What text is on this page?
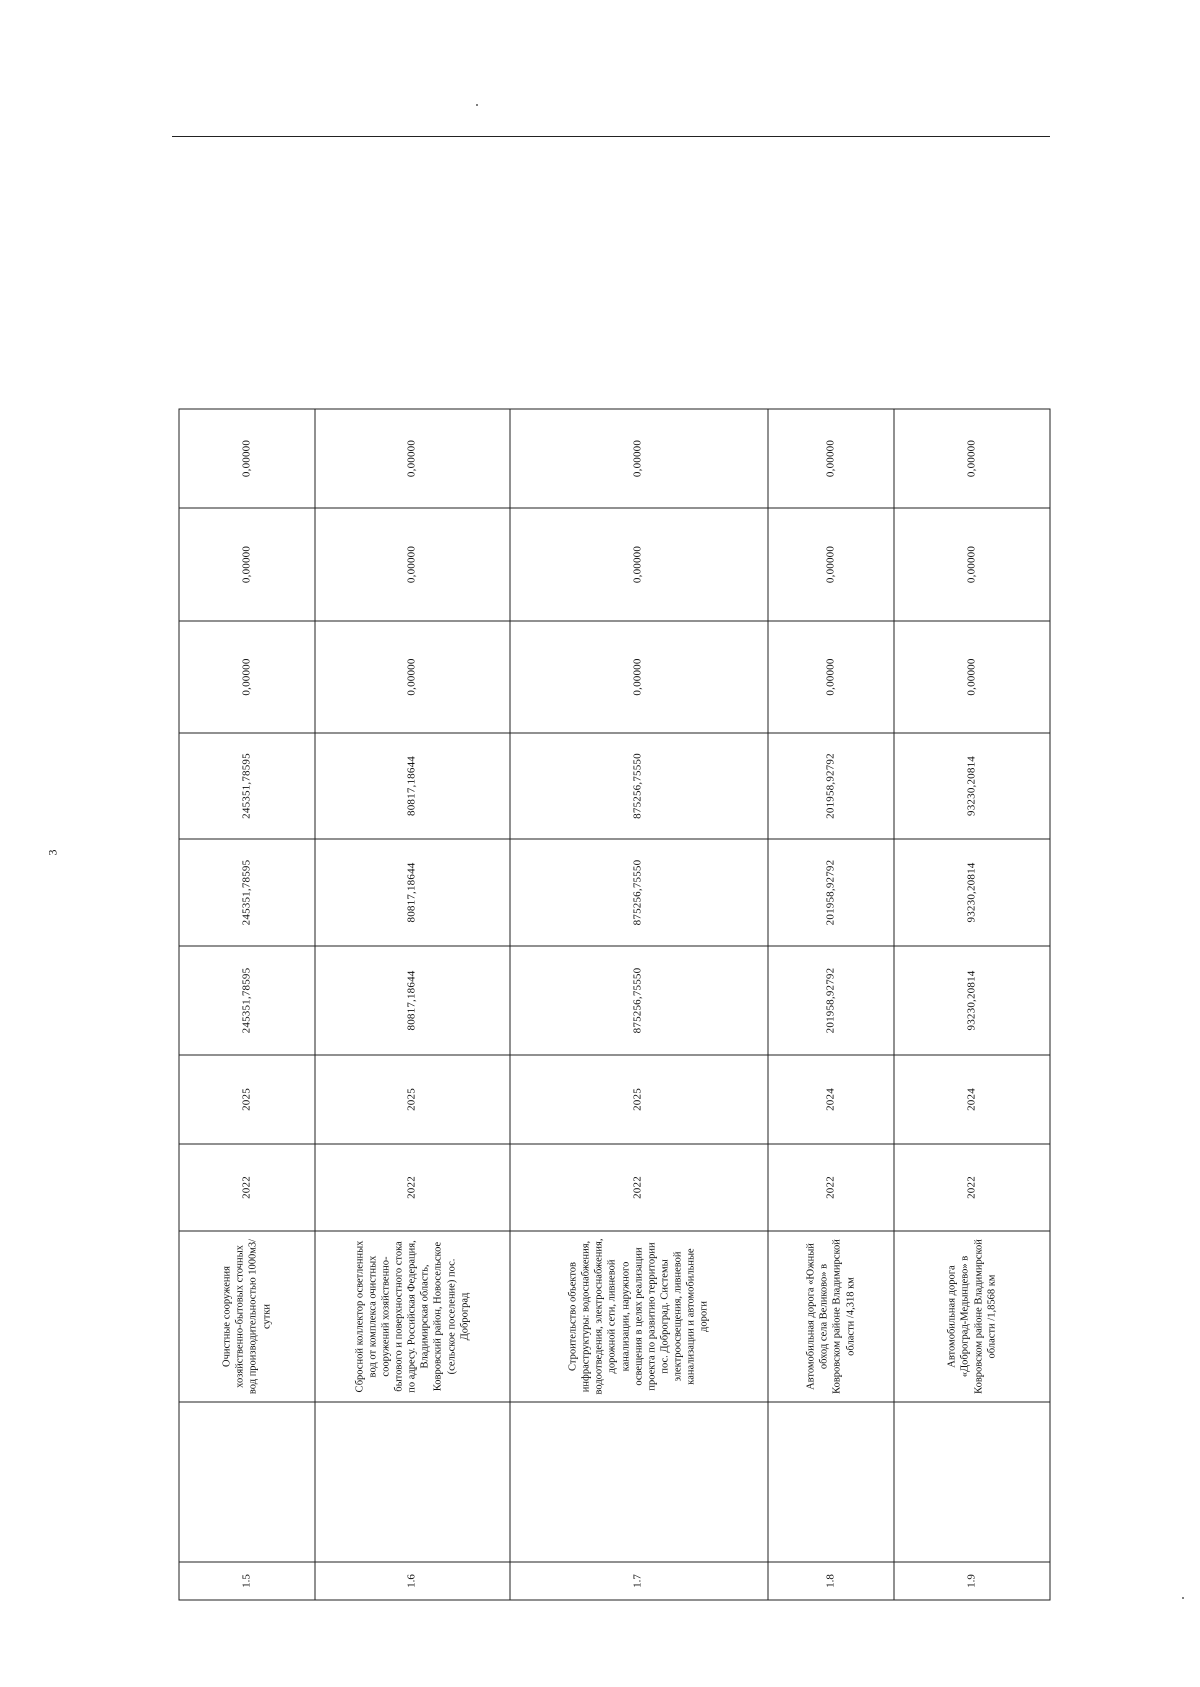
3
1.5		Очистные сооружения хозяйственно-бытовых сточных вод производительностью 1000м3/сутки	2022	2025	245351,78595	245351,78595	245351,78595	0,00000	0,00000	0,00000
1.6		Сбросной коллектор осветленных вод от комплекса очистных сооружений хозяйственно-бытового и поверхностного стока по адресу. Российская Федерация, Владимирская область, Ковровский район, Новосельское (сельское поселение) пос. Доброград	2022	2025	80817,18644	80817,18644	80817,18644	0,00000	0,00000	0,00000
1.7		Строительство объектов инфраструктуры: водоснабжения, водоотведения, электроснабжения, дорожной сети, ливневой канализации, наружного освещения в целях реализации проекта по развитию территории пос. Доброград. Системы электроосвещения, ливневой канализации и автомобильные дороги	2022	2025	875256,75550	875256,75550	875256,75550	0,00000	0,00000	0,00000
1.8		Автомобильная дорога «Южный обход села Великово» в Ковровском районе Владимирской области /4,318 км	2022	2024	201958,92792	201958,92792	201958,92792	0,00000	0,00000	0,00000
1.9		Автомобильная дорога «Доброград-Медынцево» в Ковровском районе Владимирской области /1,8568 км	2022	2024	93230,20814	93230,20814	93230,20814	0,00000	0,00000	0,00000
